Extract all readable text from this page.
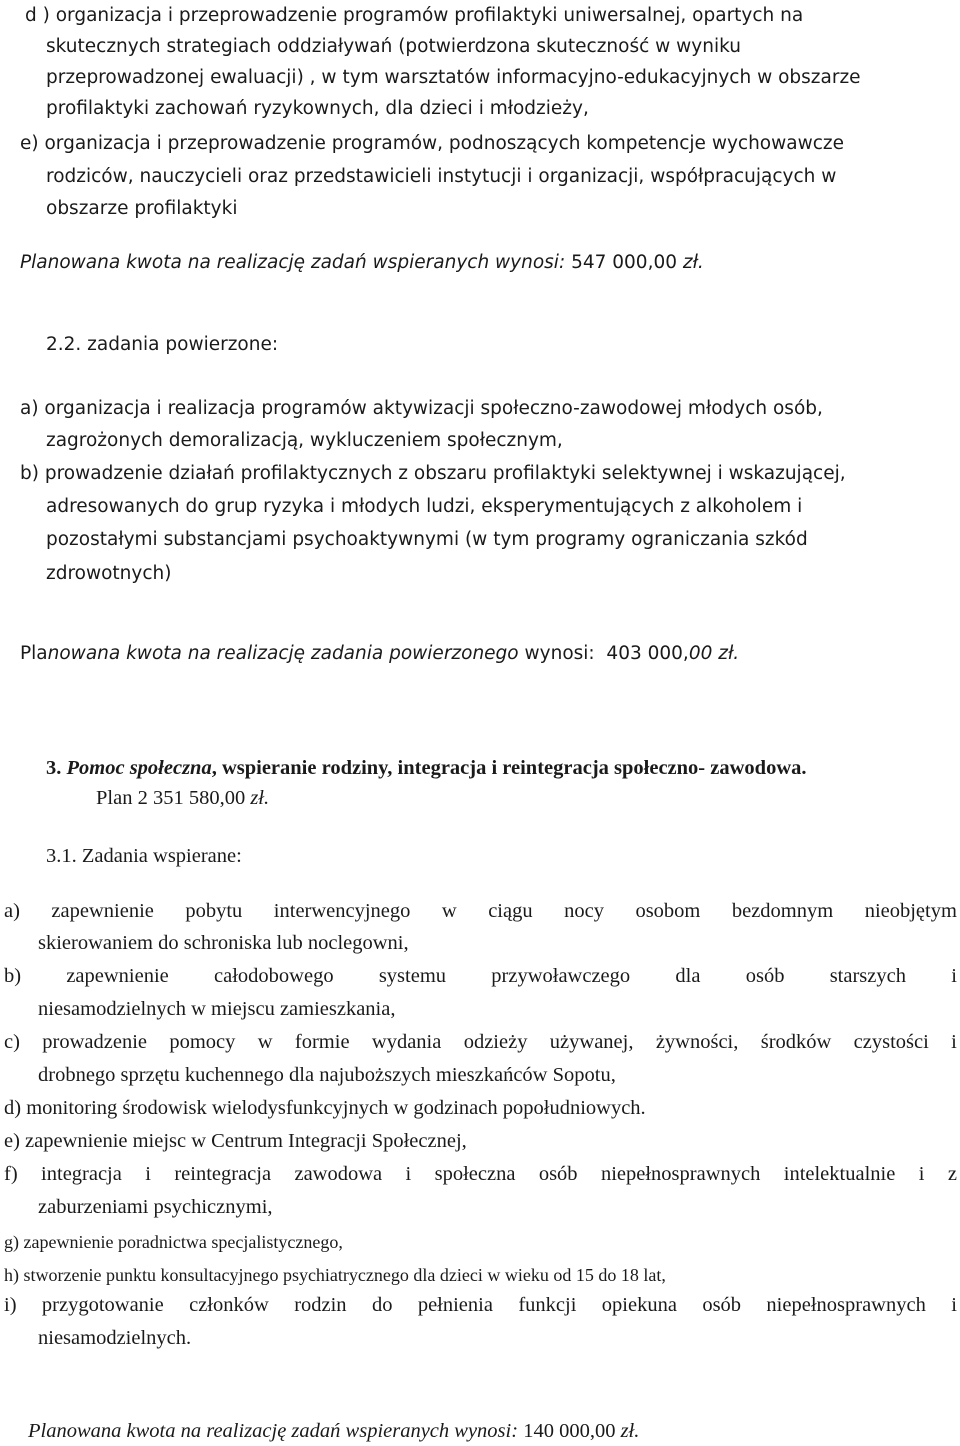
d ) organizacja i przeprowadzenie programów profilaktyki uniwersalnej, opartych na
skutecznych strategiach oddziaływań (potwierdzona skuteczność w wyniku
przeprowadzonej ewaluacji) , w tym warsztatów informacyjno-edukacyjnych w obszarze
profilaktyki zachowań ryzykownych, dla dzieci i młodzieży,
e) organizacja i przeprowadzenie programów, podnoszących kompetencje wychowawcze
rodziców, nauczycieli oraz przedstawicieli instytucji i organizacji, współpracujących w
obszarze profilaktyki
Planowana kwota na realizację zadań wspieranych wynosi: 547 000,00 zł.
2.2. zadania powierzone:
a) organizacja i realizacja programów aktywizacji społeczno-zawodowej młodych osób,
zagrożonych demoralizacją, wykluczeniem społecznym,
b) prowadzenie działań profilaktycznych z obszaru profilaktyki selektywnej i wskazującej,
adresowanych do grup ryzyka i młodych ludzi, eksperymentujących z alkoholem i
pozostałymi substancjami psychoaktywnymi (w tym programy ograniczania szkód
zdrowotnych)
Planowana kwota na realizację zadania powierzonego wynosi: 403 000,00 zł.
3. Pomoc społeczna, wspieranie rodziny, integracja i reintegracja społeczno- zawodowa.
Plan 2 351 580,00 zł.
3.1. Zadania wspierane:
a) zapewnienie pobytu interwencyjnego w ciągu nocy osobom bezdomnym nieobjętym
skierowaniem do schroniska lub noclegowni,
b) zapewnienie całodobowego systemu przywoławczego dla osób starszych i
niesamodzielnych w miejscu zamieszkania,
c) prowadzenie pomocy w formie wydania odzieży używanej, żywności, środków czystości i
drobnego sprzętu kuchennego dla najuboższych mieszkańców Sopotu,
d) monitoring środowisk wielodysfunkcyjnych w godzinach popołudniowych.
e) zapewnienie miejsc w Centrum Integracji Społecznej,
f) integracja i reintegracja zawodowa i społeczna osób niepełnosprawnych intelektualnie i z
zaburzeniami psychicznymi,
g) zapewnienie poradnictwa specjalistycznego,
h) stworzenie punktu konsultacyjnego psychiatrycznego dla dzieci w wieku od 15 do 18 lat,
i) przygotowanie członków rodzin do pełnienia funkcji opiekuna osób niepełnosprawnych i
niesamodzielnych.
Planowana kwota na realizację zadań wspieranych wynosi: 140 000,00 zł.
